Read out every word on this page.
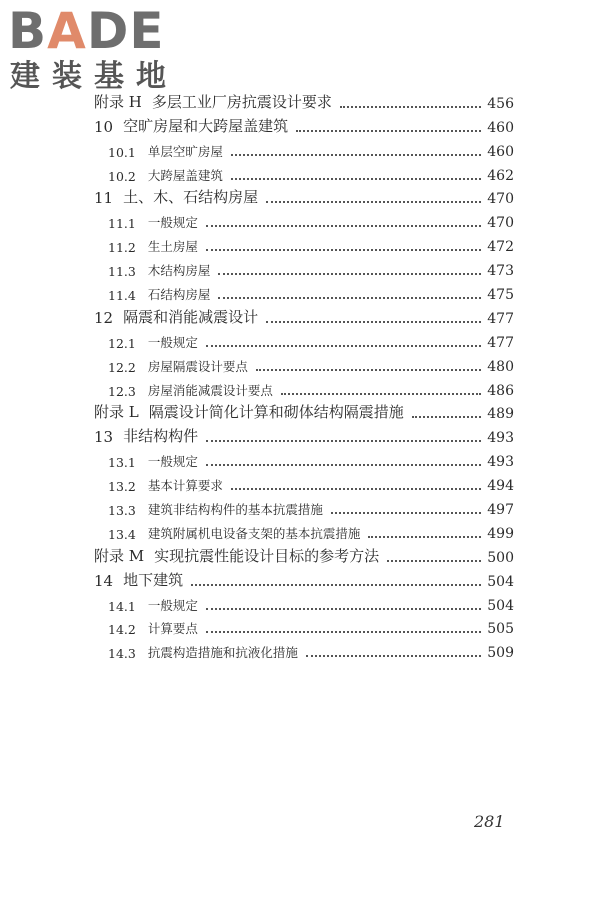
BADE
建装基地
附录 H 多层工业厂房抗震设计要求	456
10 空旷房屋和大跨屋盖建筑	460
10.1 单层空旷房屋	460
10.2 大跨屋盖建筑	462
11 土、木、石结构房屋	470
11.1 一般规定	470
11.2 生土房屋	472
11.3 木结构房屋	473
11.4 石结构房屋	475
12 隔震和消能减震设计	477
12.1 一般规定	477
12.2 房屋隔震设计要点	480
12.3 房屋消能减震设计要点	486
附录 L 隔震设计简化计算和砌体结构隔震措施	489
13 非结构构件	493
13.1 一般规定	493
13.2 基本计算要求	494
13.3 建筑非结构构件的基本抗震措施	497
13.4 建筑附属机电设备支架的基本抗震措施	499
附录 M 实现抗震性能设计目标的参考方法	500
14 地下建筑	504
14.1 一般规定	504
14.2 计算要点	505
14.3 抗震构造措施和抗液化措施	509
281
